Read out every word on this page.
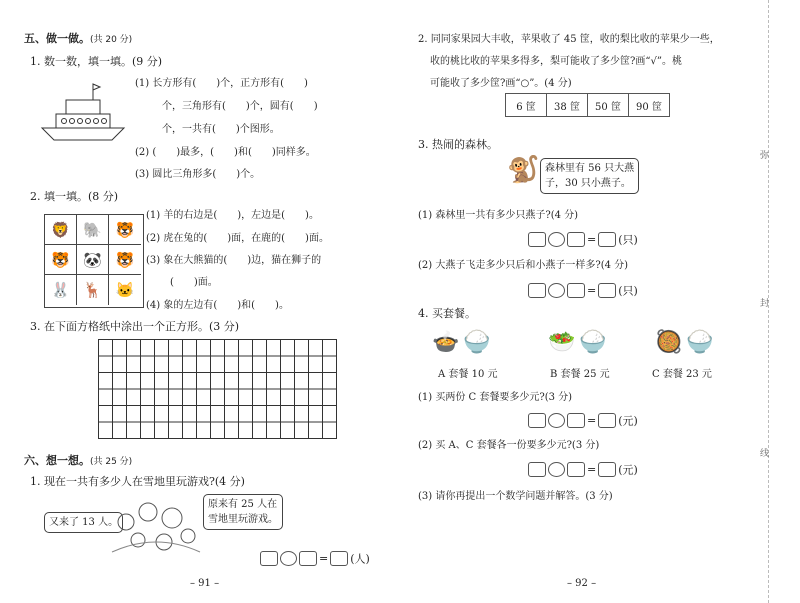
五、做一做。(共 20 分)
1. 数一数，填一填。(9 分)
(1) 长方形有(　　)个，正方形有(　　)
个，三角形有(　　)个，圆有(　　)
个，一共有(　　)个图形。
(2) (　　)最多，(　　)和(　　)同样多。
(3) 圆比三角形多(　　)个。
2. 填一填。(8 分)
🦁 🐘 🐯
🐯 🐼 🐯
🐰 🦌 🐱
(1) 羊的右边是(　　)，左边是(　　)。
(2) 虎在兔的(　　)面，在鹿的(　　)面。
(3) 象在大熊猫的(　　)边，猫在狮子的
(　　)面。
(4) 象的左边有(　　)和(　　)。
3. 在下面方格纸中涂出一个正方形。(3 分)
六、想一想。(共 25 分)
1. 现在一共有多少人在雪地里玩游戏?(4 分)
又来了 13 人。
原来有 25 人在
雪地里玩游戏。
= (人)
– 91 –
2. 同同家果园大丰收，苹果收了 45 筐，收的梨比收的苹果少一些，
收的桃比收的苹果多得多，梨可能收了多少筐?画“√”。桃
可能收了多少筐?画“○”。(4 分)
6 筐	38 筐	50 筐	90 筐
3. 热闹的森林。
🐒 森林里有 56 只大燕
子，30 只小燕子。
(1) 森林里一共有多少只燕子?(4 分)
= (只)
(2) 大燕子飞走多少只后和小燕子一样多?(4 分)
= (只)
4. 买套餐。
🍲🍚 🥗🍚 🥘🍚
A 套餐 10 元	B 套餐 25 元	C 套餐 23 元
(1) 买两份 C 套餐要多少元?(3 分)
= (元)
(2) 买 A、C 套餐各一份要多少元?(3 分)
= (元)
(3) 请你再提出一个数学问题并解答。(3 分)
– 92 –
弥
封
线
